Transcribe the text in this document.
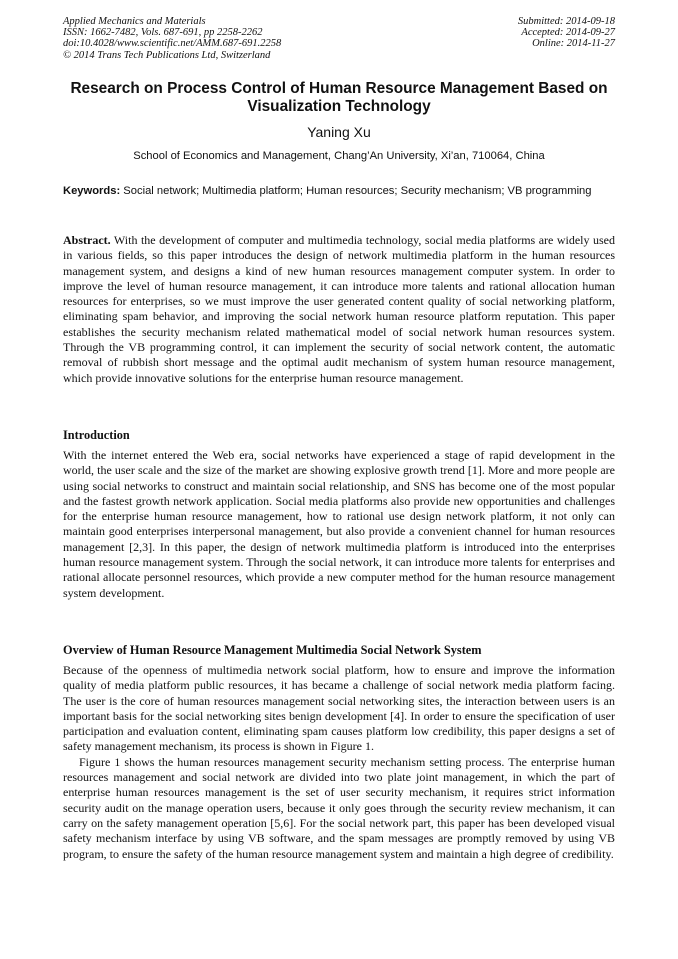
Applied Mechanics and Materials
ISSN: 1662-7482, Vols. 687-691, pp 2258-2262
doi:10.4028/www.scientific.net/AMM.687-691.2258
© 2014 Trans Tech Publications Ltd, Switzerland
Submitted: 2014-09-18
Accepted: 2014-09-27
Online: 2014-11-27
Research on Process Control of Human Resource Management Based on Visualization Technology
Yaning Xu
School of Economics and Management, Chang’An University, Xi’an, 710064, China
Keywords: Social network; Multimedia platform; Human resources; Security mechanism; VB programming

Abstract. With the development of computer and multimedia technology, social media platforms are widely used in various fields, so this paper introduces the design of network multimedia platform in the human resources management system, and designs a kind of new human resources management computer system. In order to improve the level of human resource management, it can introduce more talents and rational allocation human resources for enterprises, so we must improve the user generated content quality of social networking platform, eliminating spam behavior, and improving the social network human resource platform reputation. This paper establishes the security mechanism related mathematical model of social network human resources system. Through the VB programming control, it can implement the security of social network content, the automatic removal of rubbish short message and the optimal audit mechanism of system human resource management, which provide innovative solutions for the enterprise human resource management.

Introduction

With the internet entered the Web era, social networks have experienced a stage of rapid development in the world, the user scale and the size of the market are showing explosive growth trend [1]. More and more people are using social networks to construct and maintain social relationship, and SNS has become one of the most popular and the fastest growth network application. Social media platforms also provide new opportunities and challenges for the enterprise human resource management, how to rational use design network platform, it not only can maintain good enterprises interpersonal management, but also provide a convenient channel for human resources management [2,3]. In this paper, the design of network multimedia platform is introduced into the enterprises human resource management system. Through the social network, it can introduce more talents for enterprises and rational allocate personnel resources, which provide a new computer method for the human resource management system development.

Overview of Human Resource Management Multimedia Social Network System

Because of the openness of multimedia network social platform, how to ensure and improve the information quality of media platform public resources, it has became a challenge of social network media platform facing. The user is the core of human resources management social networking sites, the interaction between users is an important basis for the social networking sites benign development [4]. In order to ensure the specification of user participation and evaluation content, eliminating spam causes platform low credibility, this paper designs a set of safety management mechanism, its process is shown in Figure 1.

Figure 1 shows the human resources management security mechanism setting process. The enterprise human resources management and social network are divided into two plate joint management, in which the part of enterprise human resources management is the set of user security mechanism, it requires strict information security audit on the manage operation users, because it only goes through the security review mechanism, it can carry on the safety management operation [5,6]. For the social network part, this paper has been developed visual safety mechanism interface by using VB software, and the spam messages are promptly removed by using VB program, to ensure the safety of the human resource management system and maintain a high degree of credibility.
